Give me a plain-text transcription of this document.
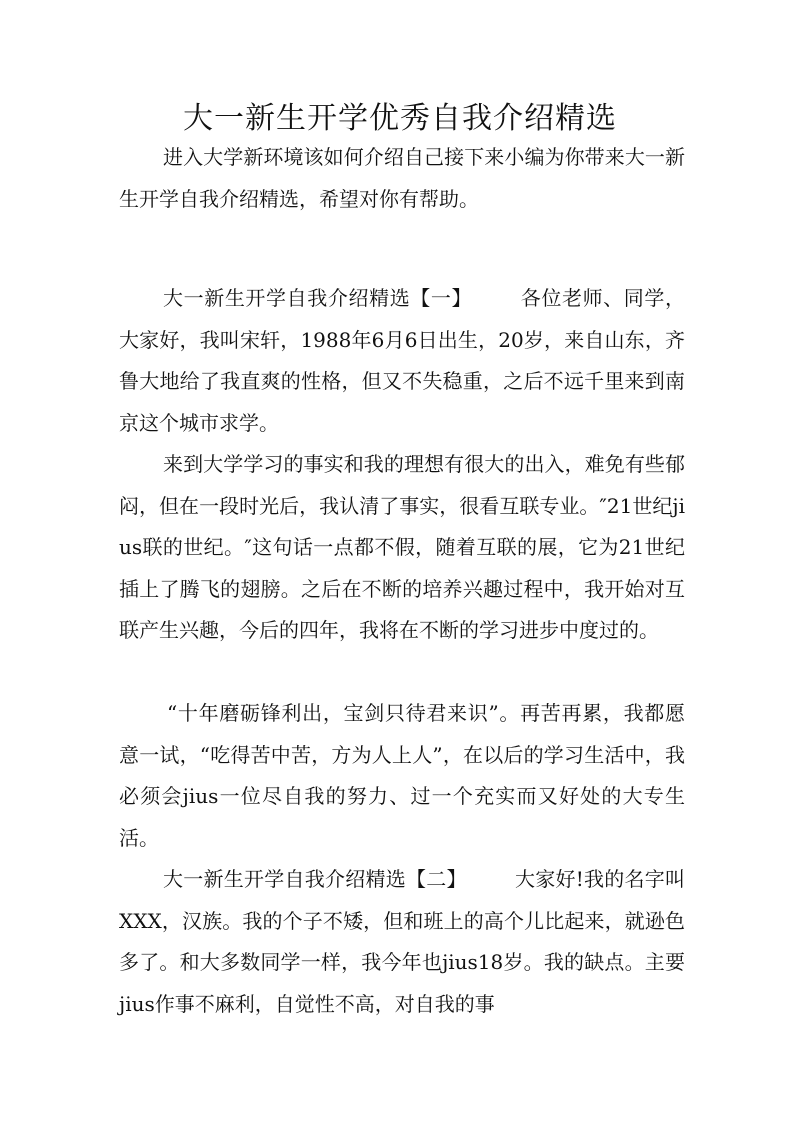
大一新生开学优秀自我介绍精选

进入大学新环境该如何介绍自己接下来小编为你带来大一新生开学自我介绍精选，希望对你有帮助。

大一新生开学自我介绍精选【一】 各位老师、同学，大家好，我叫宋轩，1988年6月6日出生，20岁，来自山东，齐鲁大地给了我直爽的性格，但又不失稳重，之后不远千里来到南京这个城市求学。

来到大学学习的事实和我的理想有很大的出入，难免有些郁闷，但在一段时光后，我认清了事实，很看互联专业。″21世纪jius联的世纪。″这句话一点都不假，随着互联的展，它为21世纪插上了腾飞的翅膀。之后在不断的培养兴趣过程中，我开始对互联产生兴趣，今后的四年，我将在不断的学习进步中度过的。

“十年磨砺锋利出，宝剑只待君来识”。再苦再累，我都愿意一试，“吃得苦中苦，方为人上人”，在以后的学习生活中，我必须会jius一位尽自我的努力、过一个充实而又好处的大专生活。

大一新生开学自我介绍精选【二】 大家好!我的名字叫XXX，汉族。我的个子不矮，但和班上的高个儿比起来，就逊色多了。和大多数同学一样，我今年也jius18岁。我的缺点。主要jius作事不麻利，自觉性不高，对自我的事
